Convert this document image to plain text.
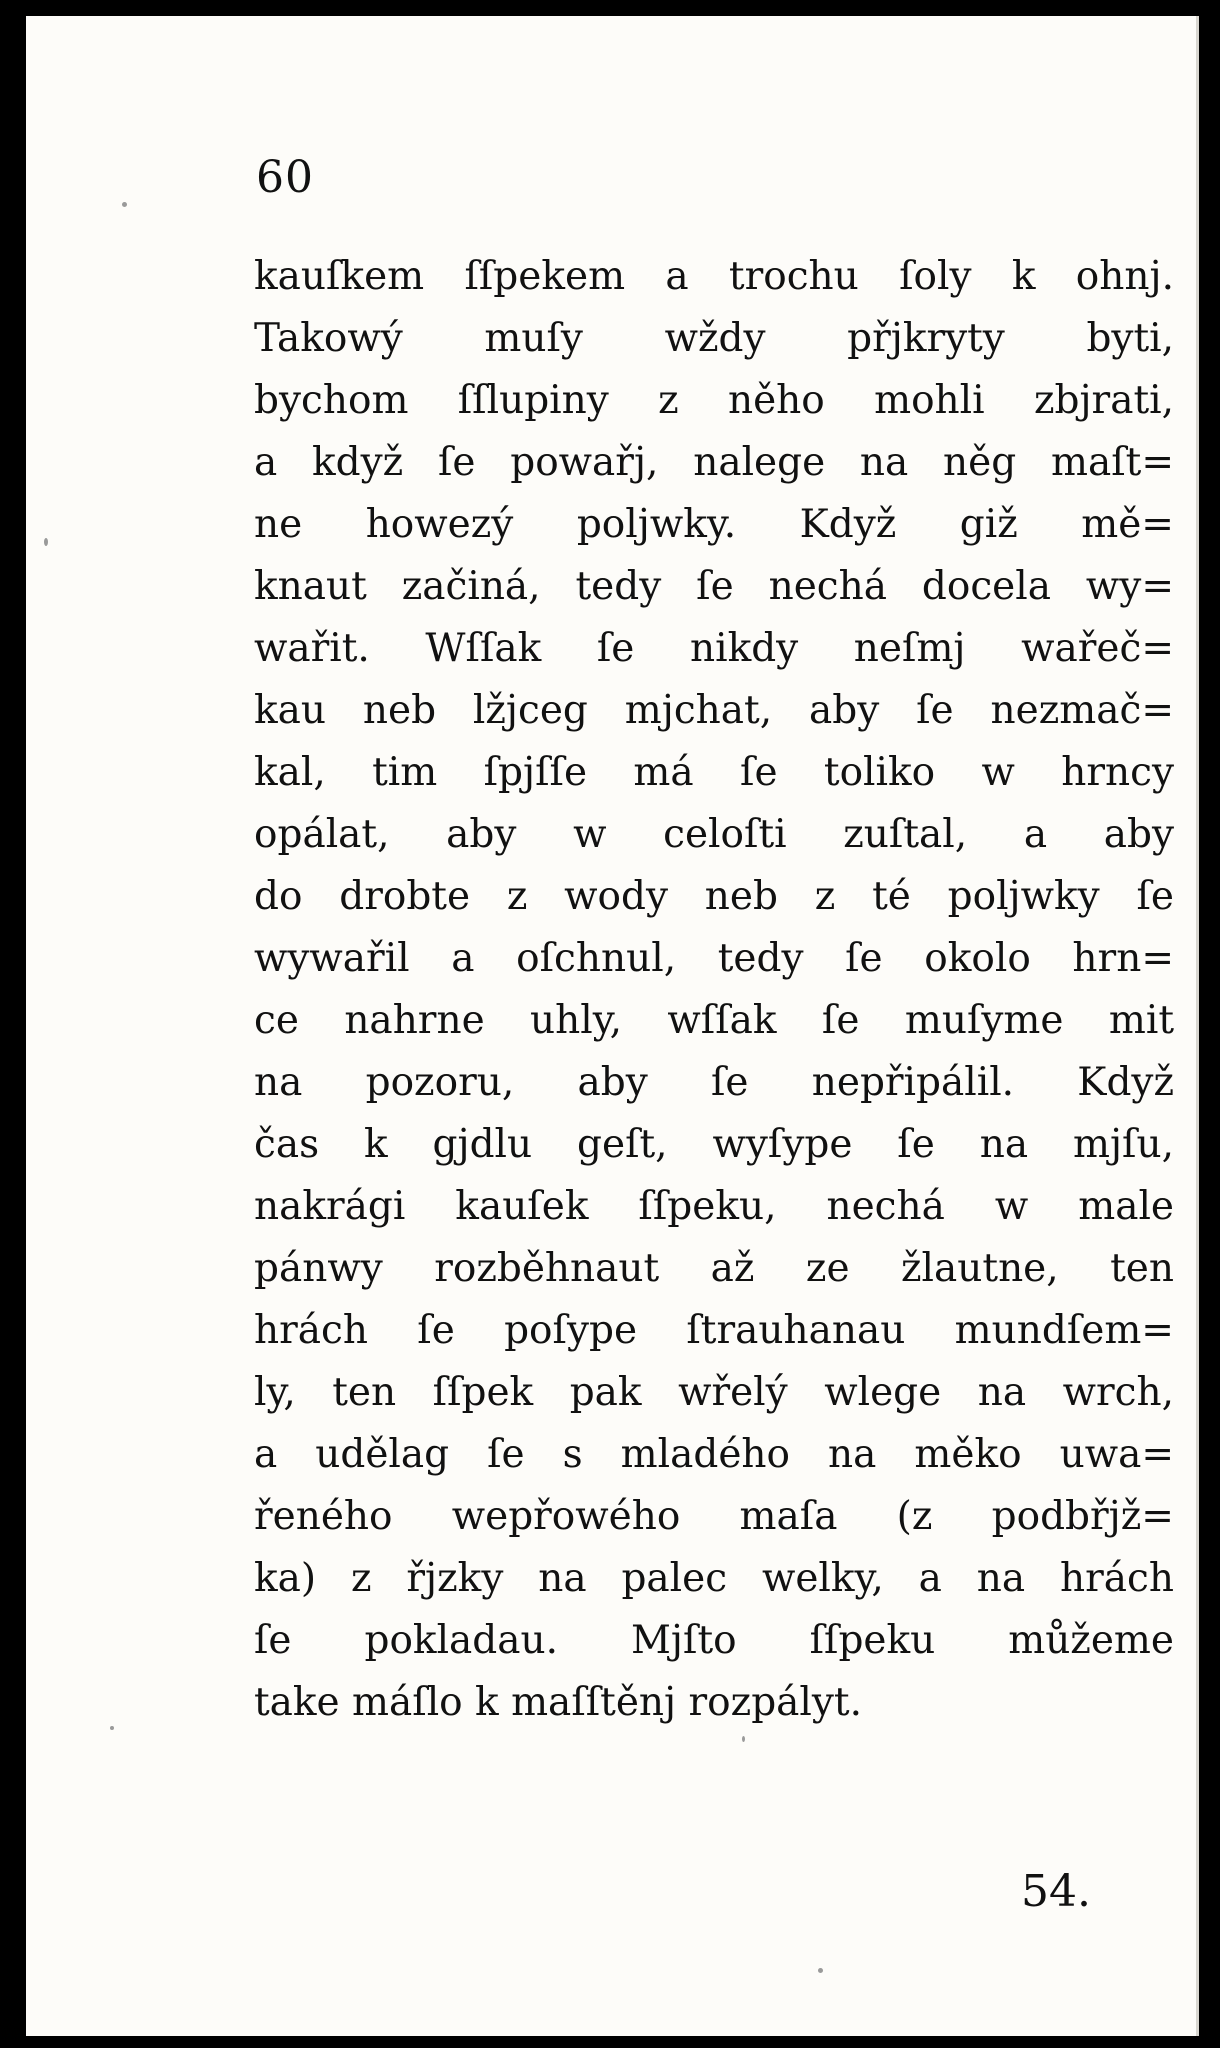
60
kauſkem ſſpekem a trochu ſoly k ohnj.
Takowý muſy wždy přjkryty byti,
bychom ſſlupiny z něho mohli zbjrati,
a když ſe powařj, nalege na něg maſt=
ne howezý poljwky. Když giž mě=
knaut začiná, tedy ſe nechá docela wy=
wařit. Wſſak ſe nikdy neſmj wařeč=
kau neb lžjceg mjchat, aby ſe nezmač=
kal, tim ſpjſſe má ſe toliko w hrncy
opálat, aby w celoſti zuſtal, a aby
do drobte z wody neb z té poljwky ſe
wywařil a oſchnul, tedy ſe okolo hrn=
ce nahrne uhly, wſſak ſe muſyme mit
na pozoru, aby ſe nepřipálil. Když
čas k gjdlu geſt, wyſype ſe na mjſu,
nakrági kauſek ſſpeku, nechá w male
pánwy rozběhnaut až ze žlautne, ten
hrách ſe poſype ſtrauhanau mundſem=
ly, ten ſſpek pak wřelý wlege na wrch,
a udělag ſe s mladého na měko uwa=
řeného wepřowého maſa (z podbřjž=
ka) z řjzky na palec welky, a na hrách
ſe pokladau. Mjſto ſſpeku můžeme
take máſlo k maſſtěnj rozpályt.
54.
